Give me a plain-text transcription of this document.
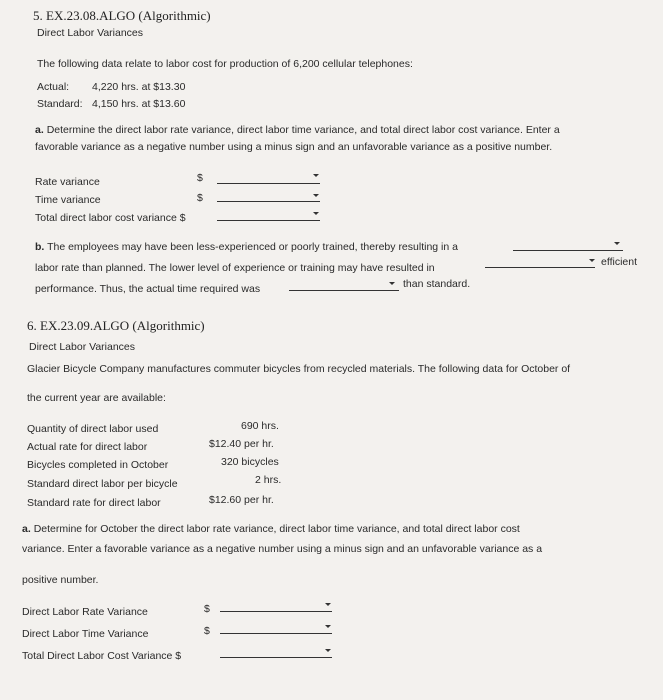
5. EX.23.08.ALGO (Algorithmic)
Direct Labor Variances
The following data relate to labor cost for production of 6,200 cellular telephones:
Actual: 4,220 hrs. at $13.30
Standard: 4,150 hrs. at $13.60
a. Determine the direct labor rate variance, direct labor time variance, and total direct labor cost variance. Enter a
favorable variance as a negative number using a minus sign and an unfavorable variance as a positive number.
Rate variance	$
Time variance	$
Total direct labor cost variance $
b. The employees may have been less-experienced or poorly trained, thereby resulting in a
labor rate than planned. The lower level of experience or training may have resulted in	efficient
performance. Thus, the actual time required was	than standard.
6. EX.23.09.ALGO (Algorithmic)
Direct Labor Variances
Glacier Bicycle Company manufactures commuter bicycles from recycled materials. The following data for October of
the current year are available:
Quantity of direct labor used	690 hrs.
Actual rate for direct labor	$12.40 per hr.
Bicycles completed in October	320 bicycles
Standard direct labor per bicycle	2 hrs.
Standard rate for direct labor	$12.60 per hr.
a. Determine for October the direct labor rate variance, direct labor time variance, and total direct labor cost
variance. Enter a favorable variance as a negative number using a minus sign and an unfavorable variance as a
positive number.
Direct Labor Rate Variance	$
Direct Labor Time Variance	$
Total Direct Labor Cost Variance $
